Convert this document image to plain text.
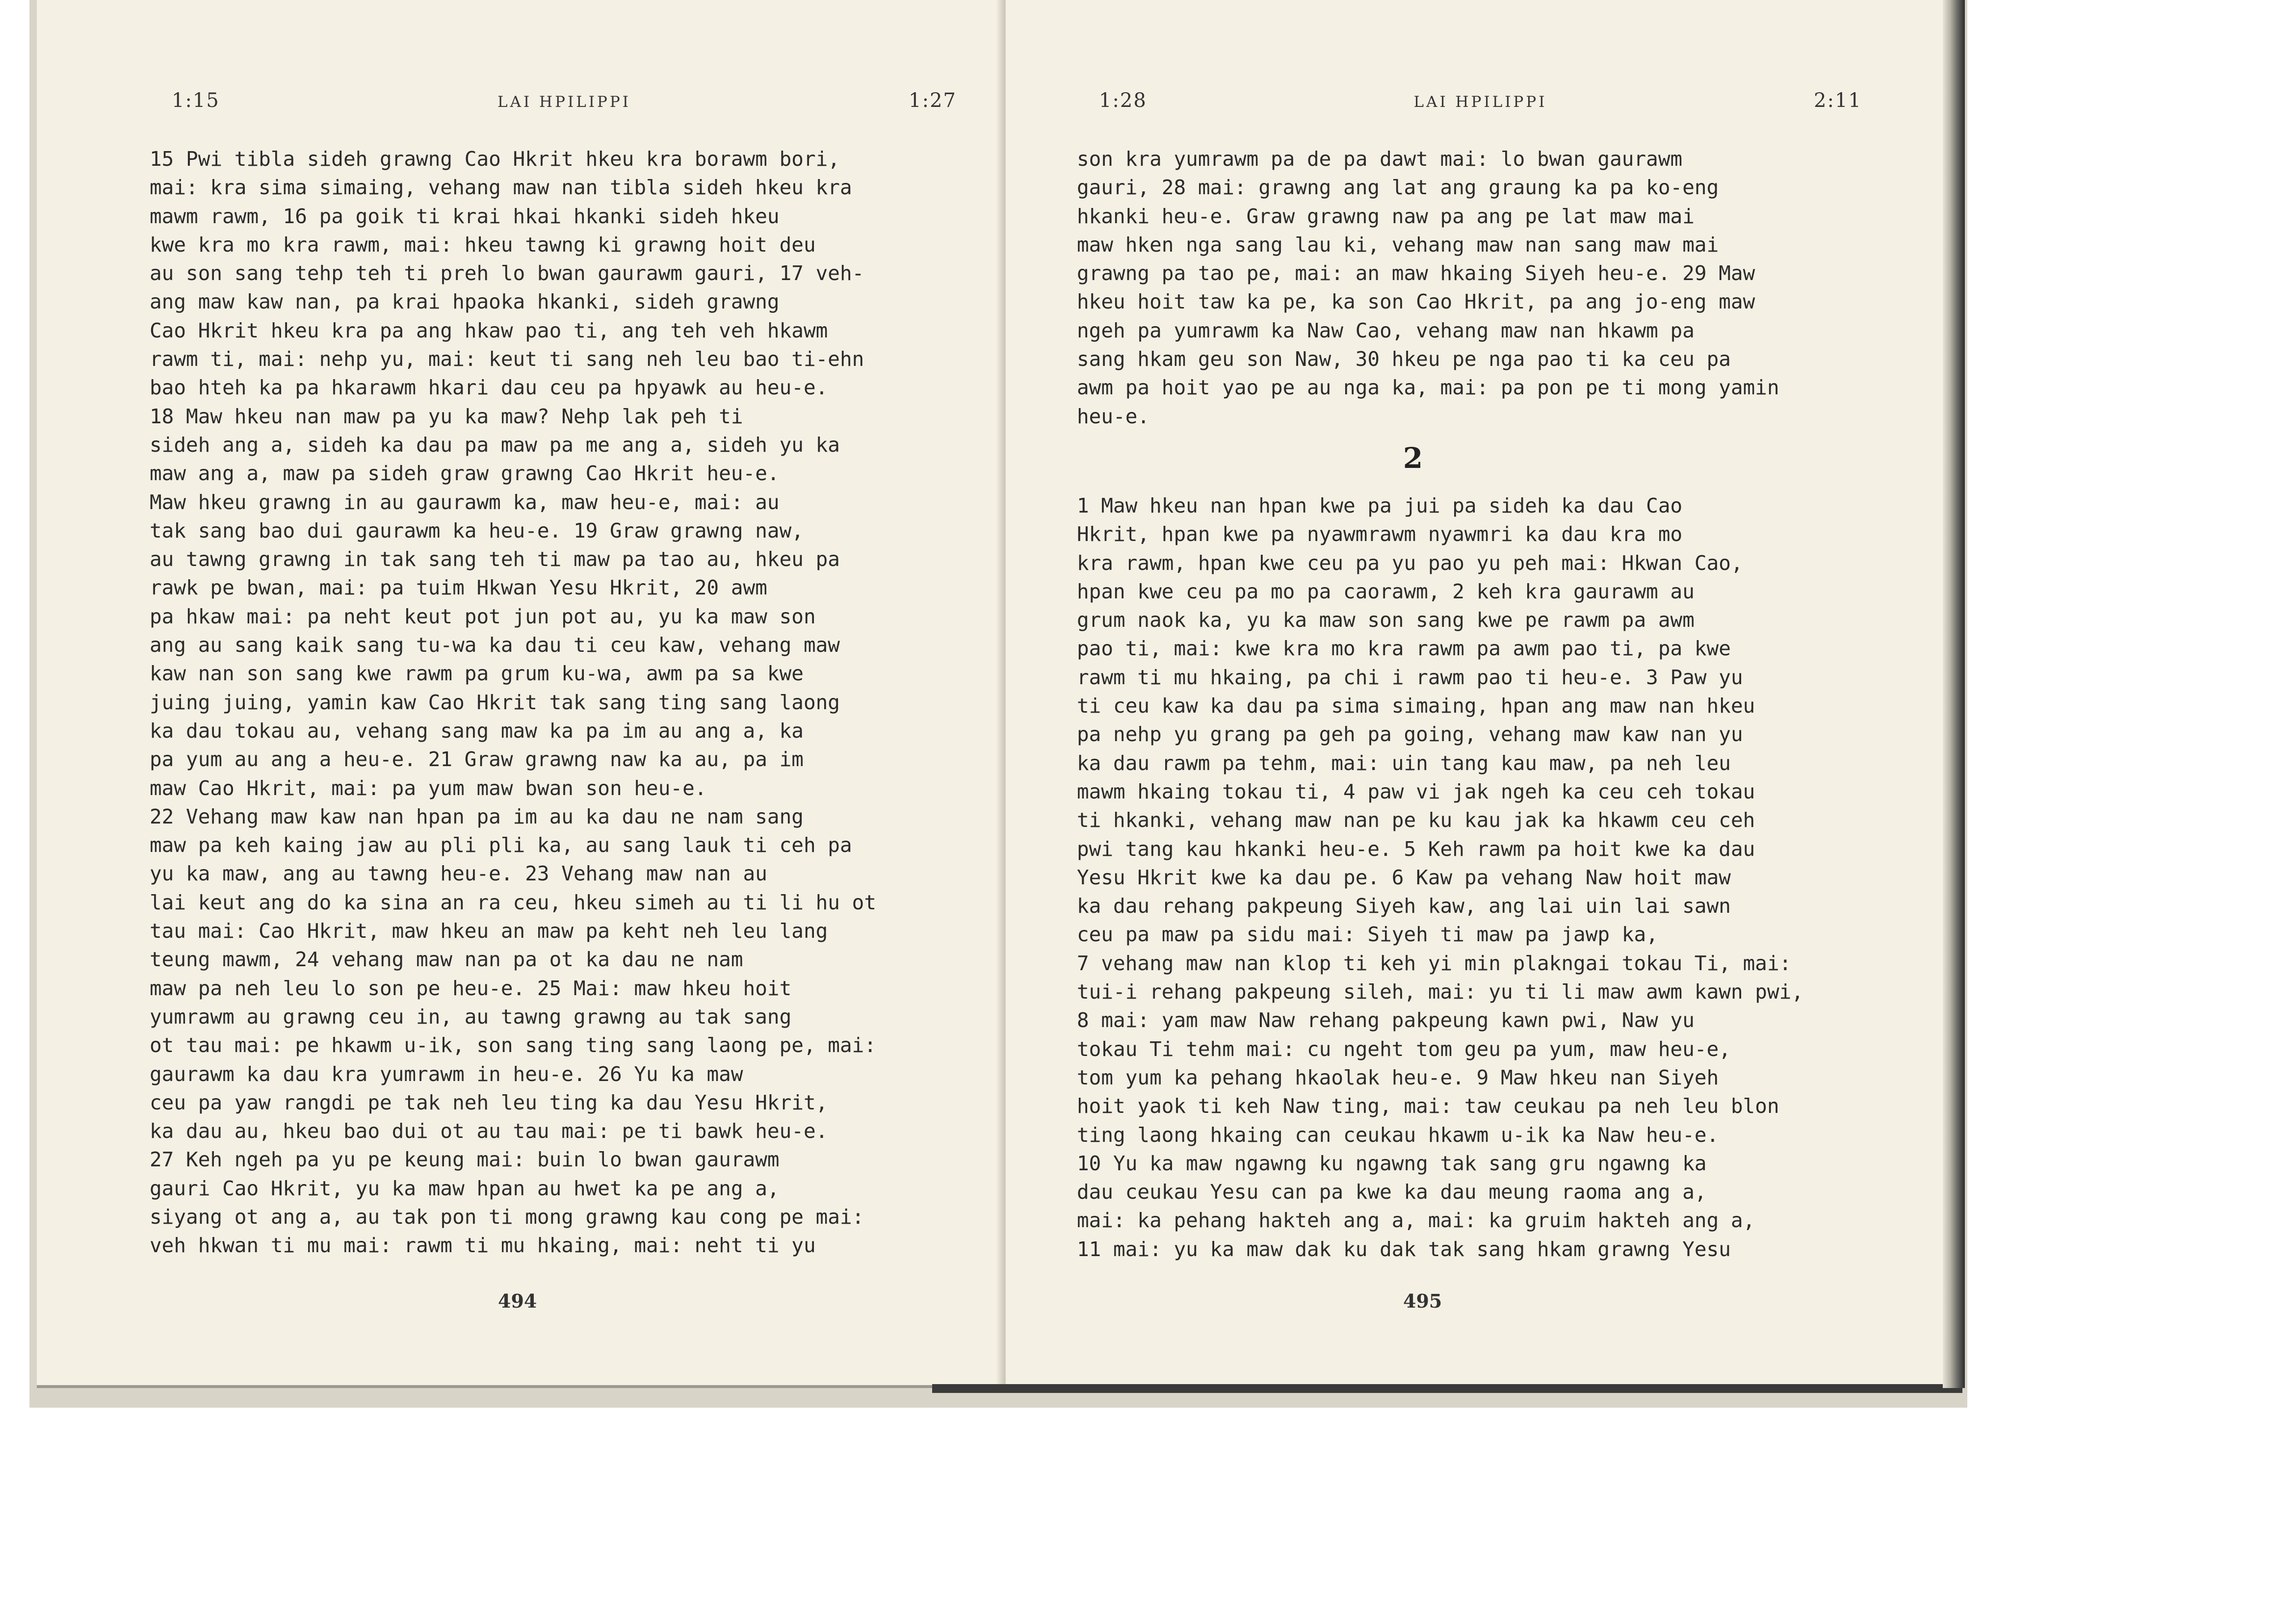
1:15	LAI HPILIPPI	1:27
15 Pwi tibla sideh grawng Cao Hkrit hkeu kra borawm bori,
mai: kra sima simaing, vehang maw nan tibla sideh hkeu kra
mawm rawm, 16 pa goik ti krai hkai hkanki sideh hkeu
kwe kra mo kra rawm, mai: hkeu tawng ki grawng hoit deu
au son sang tehp teh ti preh lo bwan gaurawm gauri, 17 veh-
ang maw kaw nan, pa krai hpaoka hkanki, sideh grawng
Cao Hkrit hkeu kra pa ang hkaw pao ti, ang teh veh hkawm
rawm ti, mai: nehp yu, mai: keut ti sang neh leu bao ti-ehn
bao hteh ka pa hkarawm hkari dau ceu pa hpyawk au heu-e.
18 Maw hkeu nan maw pa yu ka maw? Nehp lak peh ti
sideh ang a, sideh ka dau pa maw pa me ang a, sideh yu ka
maw ang a, maw pa sideh graw grawng Cao Hkrit heu-e.
Maw hkeu grawng in au gaurawm ka, maw heu-e, mai: au
tak sang bao dui gaurawm ka heu-e. 19 Graw grawng naw,
au tawng grawng in tak sang teh ti maw pa tao au, hkeu pa
rawk pe bwan, mai: pa tuim Hkwan Yesu Hkrit, 20 awm
pa hkaw mai: pa neht keut pot jun pot au, yu ka maw son
ang au sang kaik sang tu-wa ka dau ti ceu kaw, vehang maw
kaw nan son sang kwe rawm pa grum ku-wa, awm pa sa kwe
juing juing, yamin kaw Cao Hkrit tak sang ting sang laong
ka dau tokau au, vehang sang maw ka pa im au ang a, ka
pa yum au ang a heu-e. 21 Graw grawng naw ka au, pa im
maw Cao Hkrit, mai: pa yum maw bwan son heu-e.
22 Vehang maw kaw nan hpan pa im au ka dau ne nam sang
maw pa keh kaing jaw au pli pli ka, au sang lauk ti ceh pa
yu ka maw, ang au tawng heu-e. 23 Vehang maw nan au
lai keut ang do ka sina an ra ceu, hkeu simeh au ti li hu ot
tau mai: Cao Hkrit, maw hkeu an maw pa keht neh leu lang
teung mawm, 24 vehang maw nan pa ot ka dau ne nam
maw pa neh leu lo son pe heu-e. 25 Mai: maw hkeu hoit
yumrawm au grawng ceu in, au tawng grawng au tak sang
ot tau mai: pe hkawm u-ik, son sang ting sang laong pe, mai:
gaurawm ka dau kra yumrawm in heu-e. 26 Yu ka maw
ceu pa yaw rangdi pe tak neh leu ting ka dau Yesu Hkrit,
ka dau au, hkeu bao dui ot au tau mai: pe ti bawk heu-e.
27 Keh ngeh pa yu pe keung mai: buin lo bwan gaurawm
gauri Cao Hkrit, yu ka maw hpan au hwet ka pe ang a,
siyang ot ang a, au tak pon ti mong grawng kau cong pe mai:
veh hkwan ti mu mai: rawm ti mu hkaing, mai: neht ti yu
494
1:28	LAI HPILIPPI	2:11
son kra yumrawm pa de pa dawt mai: lo bwan gaurawm
gauri, 28 mai: grawng ang lat ang graung ka pa ko-eng
hkanki heu-e. Graw grawng naw pa ang pe lat maw mai
maw hken nga sang lau ki, vehang maw nan sang maw mai
grawng pa tao pe, mai: an maw hkaing Siyeh heu-e. 29 Maw
hkeu hoit taw ka pe, ka son Cao Hkrit, pa ang jo-eng maw
ngeh pa yumrawm ka Naw Cao, vehang maw nan hkawm pa
sang hkam geu son Naw, 30 hkeu pe nga pao ti ka ceu pa
awm pa hoit yao pe au nga ka, mai: pa pon pe ti mong yamin
heu-e.
2
1 Maw hkeu nan hpan kwe pa jui pa sideh ka dau Cao
Hkrit, hpan kwe pa nyawmrawm nyawmri ka dau kra mo
kra rawm, hpan kwe ceu pa yu pao yu peh mai: Hkwan Cao,
hpan kwe ceu pa mo pa caorawm, 2 keh kra gaurawm au
grum naok ka, yu ka maw son sang kwe pe rawm pa awm
pao ti, mai: kwe kra mo kra rawm pa awm pao ti, pa kwe
rawm ti mu hkaing, pa chi i rawm pao ti heu-e. 3 Paw yu
ti ceu kaw ka dau pa sima simaing, hpan ang maw nan hkeu
pa nehp yu grang pa geh pa going, vehang maw kaw nan yu
ka dau rawm pa tehm, mai: uin tang kau maw, pa neh leu
mawm hkaing tokau ti, 4 paw vi jak ngeh ka ceu ceh tokau
ti hkanki, vehang maw nan pe ku kau jak ka hkawm ceu ceh
pwi tang kau hkanki heu-e. 5 Keh rawm pa hoit kwe ka dau
Yesu Hkrit kwe ka dau pe. 6 Kaw pa vehang Naw hoit maw
ka dau rehang pakpeung Siyeh kaw, ang lai uin lai sawn
ceu pa maw pa sidu mai: Siyeh ti maw pa jawp ka,
7 vehang maw nan klop ti keh yi min plakngai tokau Ti, mai:
tui-i rehang pakpeung sileh, mai: yu ti li maw awm kawn pwi,
8 mai: yam maw Naw rehang pakpeung kawn pwi, Naw yu
tokau Ti tehm mai: cu ngeht tom geu pa yum, maw heu-e,
tom yum ka pehang hkaolak heu-e. 9 Maw hkeu nan Siyeh
hoit yaok ti keh Naw ting, mai: taw ceukau pa neh leu blon
ting laong hkaing can ceukau hkawm u-ik ka Naw heu-e.
10 Yu ka maw ngawng ku ngawng tak sang gru ngawng ka
dau ceukau Yesu can pa kwe ka dau meung raoma ang a,
mai: ka pehang hakteh ang a, mai: ka gruim hakteh ang a,
11 mai: yu ka maw dak ku dak tak sang hkam grawng Yesu
495
